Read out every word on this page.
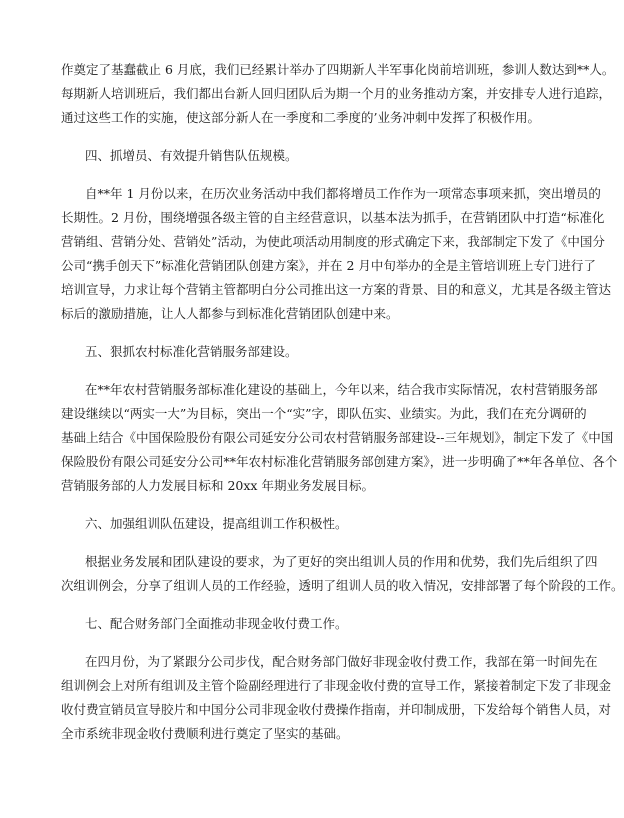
作奠定了基蠢截止 6 月底，我们已经累计举办了四期新人半军事化岗前培训班，参训人数达到**人。

每期新人培训班后，我们都出台新人回归团队后为期一个月的业务推动方案，并安排专人进行追踪，

通过这些工作的实施，使这部分新人在一季度和二季度的’业务冲刺中发挥了积极作用。

四、抓增员、有效提升销售队伍规模。

自**年 1 月份以来，在历次业务活动中我们都将增员工作作为一项常态事项来抓，突出增员的

长期性。2 月份，围绕增强各级主管的自主经营意识，以基本法为抓手，在营销团队中打造“标准化

营销组、营销分处、营销处”活动，为使此项活动用制度的形式确定下来，我部制定下发了《中国分

公司“携手创天下”标准化营销团队创建方案》，并在 2 月中旬举办的全是主管培训班上专门进行了

培训宣导，力求让每个营销主管都明白分公司推出这一方案的背景、目的和意义，尤其是各级主管达

标后的激励措施，让人人都参与到标准化营销团队创建中来。

五、狠抓农村标准化营销服务部建设。

在**年农村营销服务部标准化建设的基础上，今年以来，结合我市实际情况，农村营销服务部

建设继续以“两实一大”为目标，突出一个“实”字，即队伍实、业绩实。为此，我们在充分调研的

基础上结合《中国保险股份有限公司延安分公司农村营销服务部建设--三年规划》，制定下发了《中国

保险股份有限公司延安分公司**年农村标准化营销服务部创建方案》，进一步明确了**年各单位、各个

营销服务部的人力发展目标和 20xx 年期业务发展目标。

六、加强组训队伍建设，提高组训工作积极性。

根据业务发展和团队建设的要求，为了更好的突出组训人员的作用和优势，我们先后组织了四

次组训例会，分享了组训人员的工作经验，透明了组训人员的收入情况，安排部署了每个阶段的工作。

七、配合财务部门全面推动非现金收付费工作。

在四月份，为了紧跟分公司步伐，配合财务部门做好非现金收付费工作，我部在第一时间先在

组训例会上对所有组训及主管个险副经理进行了非现金收付费的宣导工作，紧接着制定下发了非现金

收付费宣销员宣导胶片和中国分公司非现金收付费操作指南，并印制成册，下发给每个销售人员，对

全市系统非现金收付费顺利进行奠定了坚实的基础。
